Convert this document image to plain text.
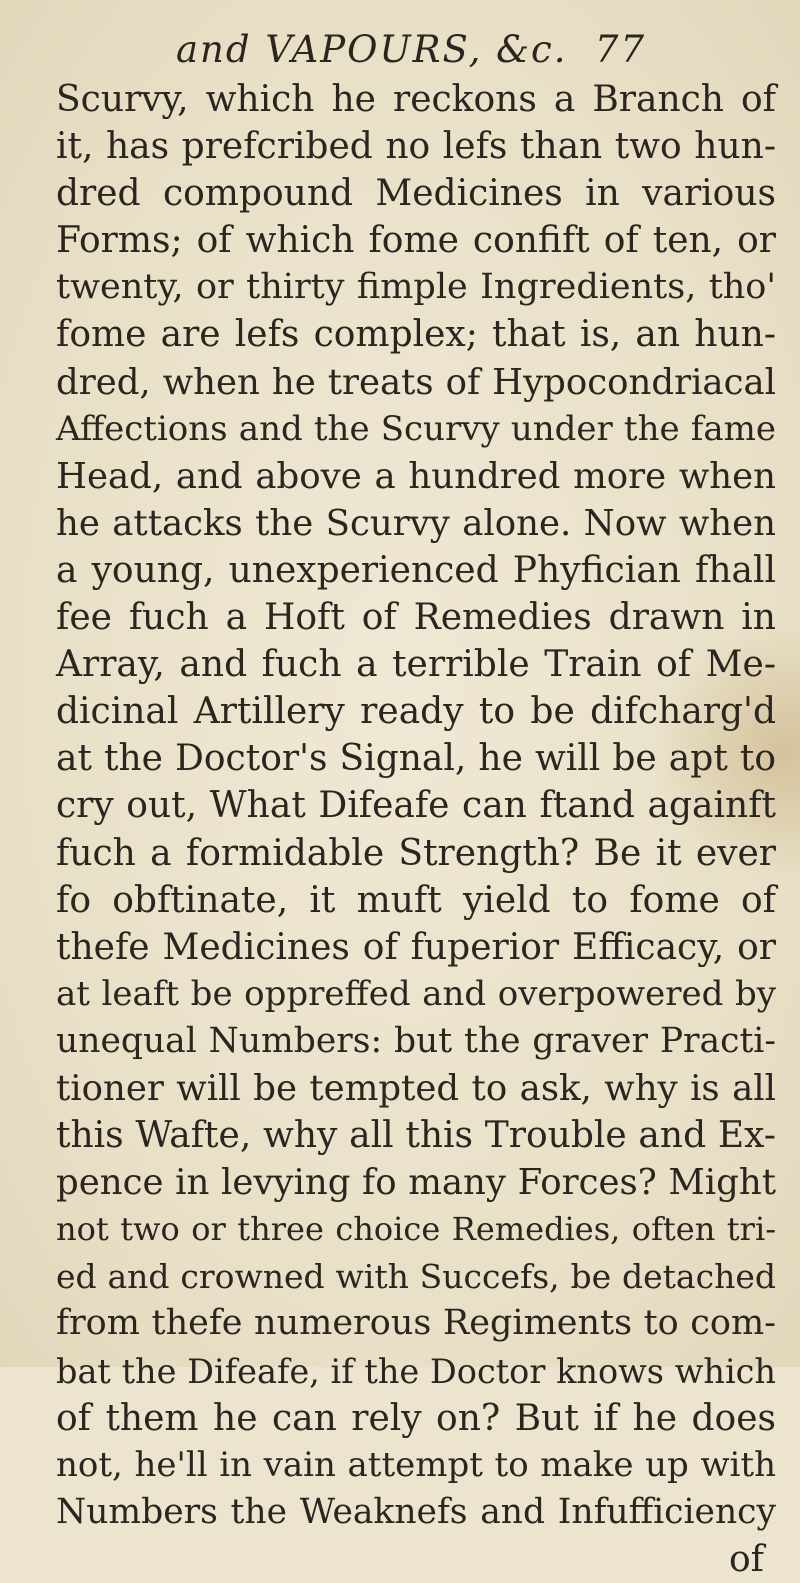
and VAPOURS, &c. 77
Scurvy, which he reckons a Branch of
it, has prefcribed no lefs than two hun-
dred compound Medicines in various
Forms; of which fome confift of ten, or
twenty, or thirty fimple Ingredients, tho'
fome are lefs complex; that is, an hun-
dred, when he treats of Hypocondriacal
Affections and the Scurvy under the fame
Head, and above a hundred more when
he attacks the Scurvy alone. Now when
a young, unexperienced Phyfician fhall
fee fuch a Hoft of Remedies drawn in
Array, and fuch a terrible Train of Me-
dicinal Artillery ready to be difcharg'd
at the Doctor's Signal, he will be apt to
cry out, What Difeafe can ftand againft
fuch a formidable Strength? Be it ever
fo obftinate, it muft yield to fome of
thefe Medicines of fuperior Efficacy, or
at leaft be oppreffed and overpowered by
unequal Numbers: but the graver Practi-
tioner will be tempted to ask, why is all
this Wafte, why all this Trouble and Ex-
pence in levying fo many Forces? Might
not two or three choice Remedies, often tri-
ed and crowned with Succefs, be detached
from thefe numerous Regiments to com-
bat the Difeafe, if the Doctor knows which
of them he can rely on? But if he does
not, he'll in vain attempt to make up with
Numbers the Weaknefs and Infufficiency
of
